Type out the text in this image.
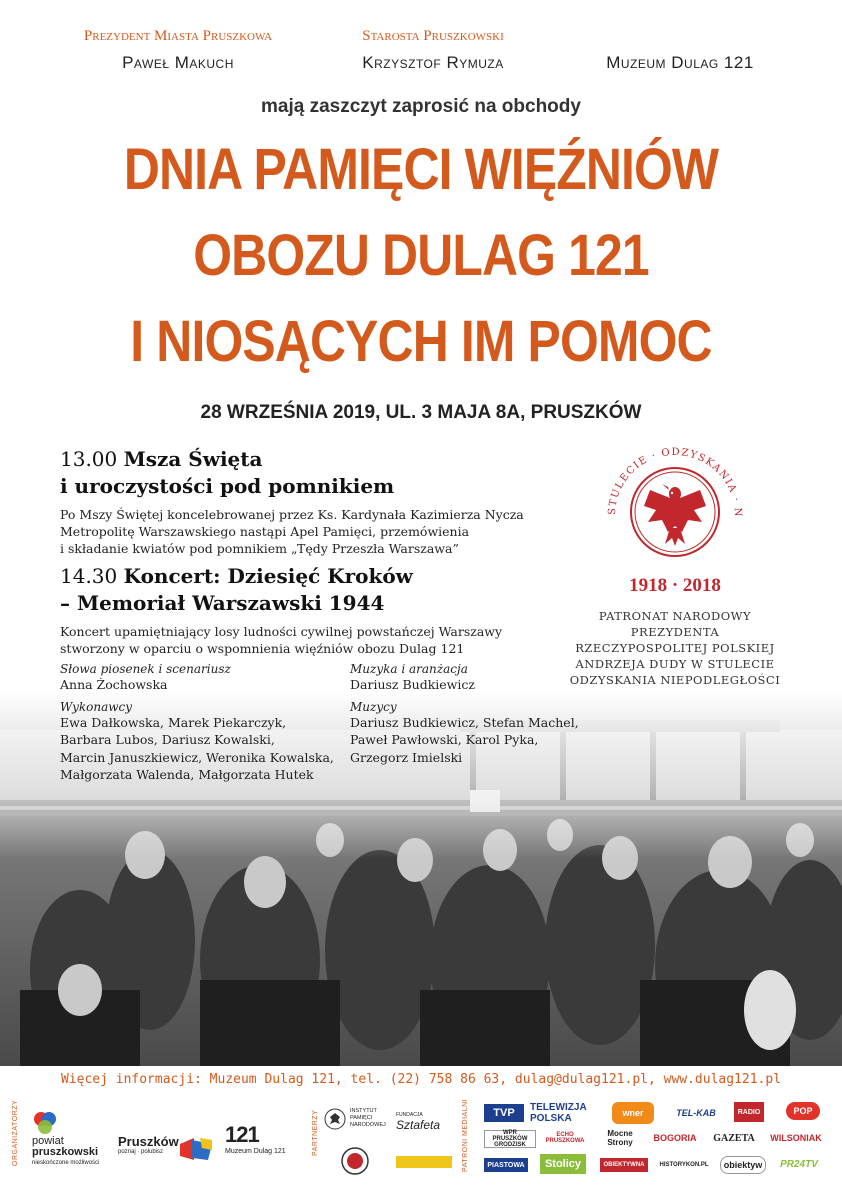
Prezydent Miasta Pruszkowa
Paweł Makuch
Starosta Pruszkowski
Krzysztof Rymuza
	Muzeum Dulag 121
mają zaszczyt zaprosić na obchody
DNIA PAMIĘCI WIĘŹNIÓW
OBOZU DULAG 121
I NIOSĄCYCH IM POMOC
28 WRZEŚNIA 2019, UL. 3 MAJA 8A, PRUSZKÓW
13.00 Msza Święta
i uroczystości pod pomnikiem
Po Mszy Świętej koncelebrowanej przez Ks. Kardynała Kazimierza Nycza
Metropolitę Warszawskiego nastąpi Apel Pamięci, przemówienia
i składanie kwiatów pod pomnikiem „Tędy Przeszła Warszawa”
14.30 Koncert: Dziesięć Kroków
– Memoriał Warszawski 1944
Koncert upamiętniający losy ludności cywilnej powstańczej Warszawy
stworzony w oparciu o wspomnienia więźniów obozu Dulag 121
Słowa piosenek i scenariusz
Anna Żochowska
Wykonawcy
Ewa Dałkowska, Marek Piekarczyk,
Barbara Lubos, Dariusz Kowalski,
Marcin Januszkiewicz, Weronika Kowalska,
Małgorzata Walenda, Małgorzata Hutek
Muzyka i aranżacja
Dariusz Budkiewicz
Muzycy
Dariusz Budkiewicz, Stefan Machel,
Paweł Pawłowski, Karol Pyka,
Grzegorz Imielski
STULECIE · ODZYSKANIA · N
1918 · 2018
PATRONAT NARODOWY PREZYDENTA
RZECZYPOSPOLITEJ POLSKIEJ
ANDRZEJA DUDY W STULECIE
ODZYSKANIA NIEPODLEGŁOŚCI
Więcej informacji: Muzeum Dulag 121, tel. (22) 758 86 63, dulag@dulag121.pl, www.dulag121.pl
ORGANIZATORZY powiat
pruszkowski
nieskończone możliwości
Pruszków
poznaj · polubisz
121
Muzeum Dulag 121	PARTNERZY	INSTYTUT
PAMIĘCI
NARODOWEJ
FUNDACJA
Sztafeta	PATRONI MEDIALNI TVP TELEWIZJA
POLSKA	wner	TEL-KAB	RADIO	POP
WPR PRUSZKÓW GRODZISK
ECHO PRUSZKOWA
Mocne Strony	BOGORIA GAZETA WILSONIAK
PIASTOWA Stolicy	OBIEKTYWNA	HISTORYKON.PL obiektyw PR24TV
